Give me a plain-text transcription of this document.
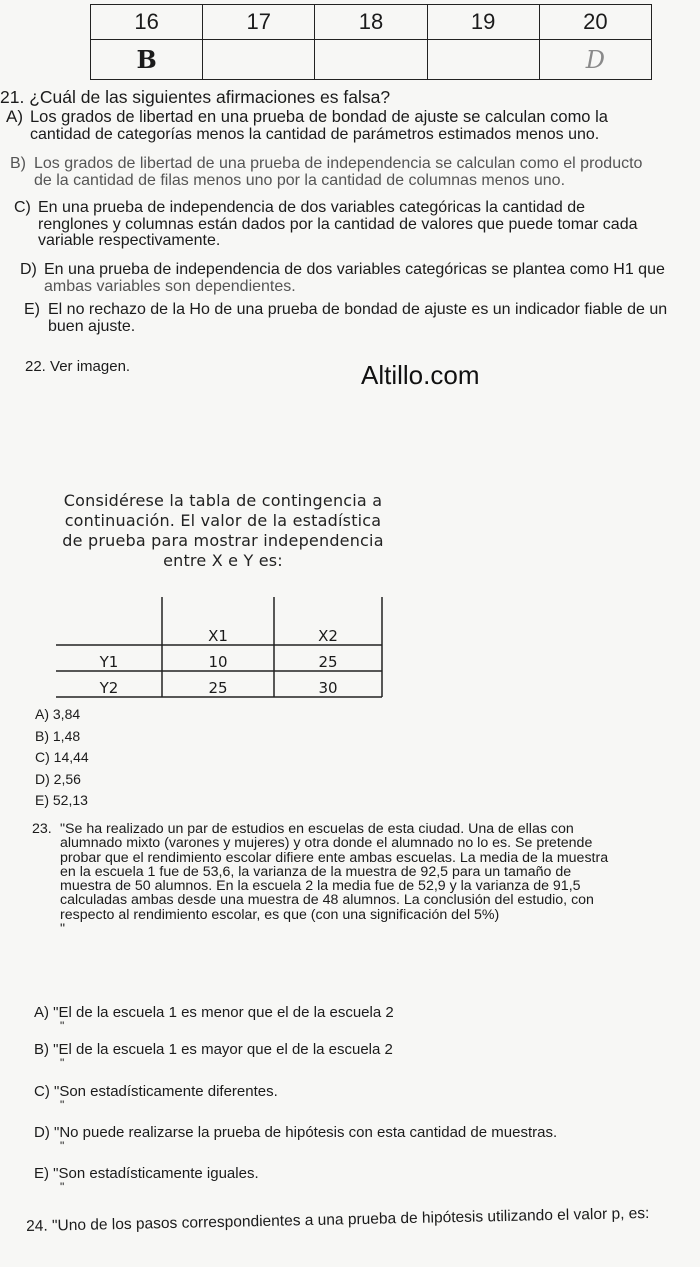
16	17	18	19	20
B				D
21. ¿Cuál de las siguientes afirmaciones es falsa?
A) Los grados de libertad en una prueba de bondad de ajuste se calculan como la
cantidad de categorías menos la cantidad de parámetros estimados menos uno.
B) Los grados de libertad de una prueba de independencia se calculan como el producto
de la cantidad de filas menos uno por la cantidad de columnas menos uno.
C) En una prueba de independencia de dos variables categóricas la cantidad de
renglones y columnas están dados por la cantidad de valores que puede tomar cada
variable respectivamente.
D) En una prueba de independencia de dos variables categóricas se plantea como H1 que
ambas variables son dependientes.
E) El no rechazo de la Ho de una prueba de bondad de ajuste es un indicador fiable de un
buen ajuste.
22. Ver imagen.	Altillo.com
Considérese la tabla de contingencia a
continuación. El valor de la estadística
de prueba para mostrar independencia
entre X e Y es:
	X1	X2
Y1	10	25
Y2	25	30
A) 3,84
B) 1,48
C) 14,44
D) 2,56
E) 52,13
23. "Se ha realizado un par de estudios en escuelas de esta ciudad. Una de ellas con
alumnado mixto (varones y mujeres) y otra donde el alumnado no lo es. Se pretende
probar que el rendimiento escolar difiere ente ambas escuelas. La media de la muestra
en la escuela 1 fue de 53,6, la varianza de la muestra de 92,5 para un tamaño de
muestra de 50 alumnos. En la escuela 2 la media fue de 52,9 y la varianza de 91,5
calculadas ambas desde una muestra de 48 alumnos. La conclusión del estudio, con
respecto al rendimiento escolar, es que (con una significación del 5%)
"
A) "El de la escuela 1 es menor que el de la escuela 2
"
B) "El de la escuela 1 es mayor que el de la escuela 2
"
C) "Son estadísticamente diferentes.
"
D) "No puede realizarse la prueba de hipótesis con esta cantidad de muestras.
"
E) "Son estadísticamente iguales.
"
24. "Uno de los pasos correspondientes a una prueba de hipótesis utilizando el valor p, es:
